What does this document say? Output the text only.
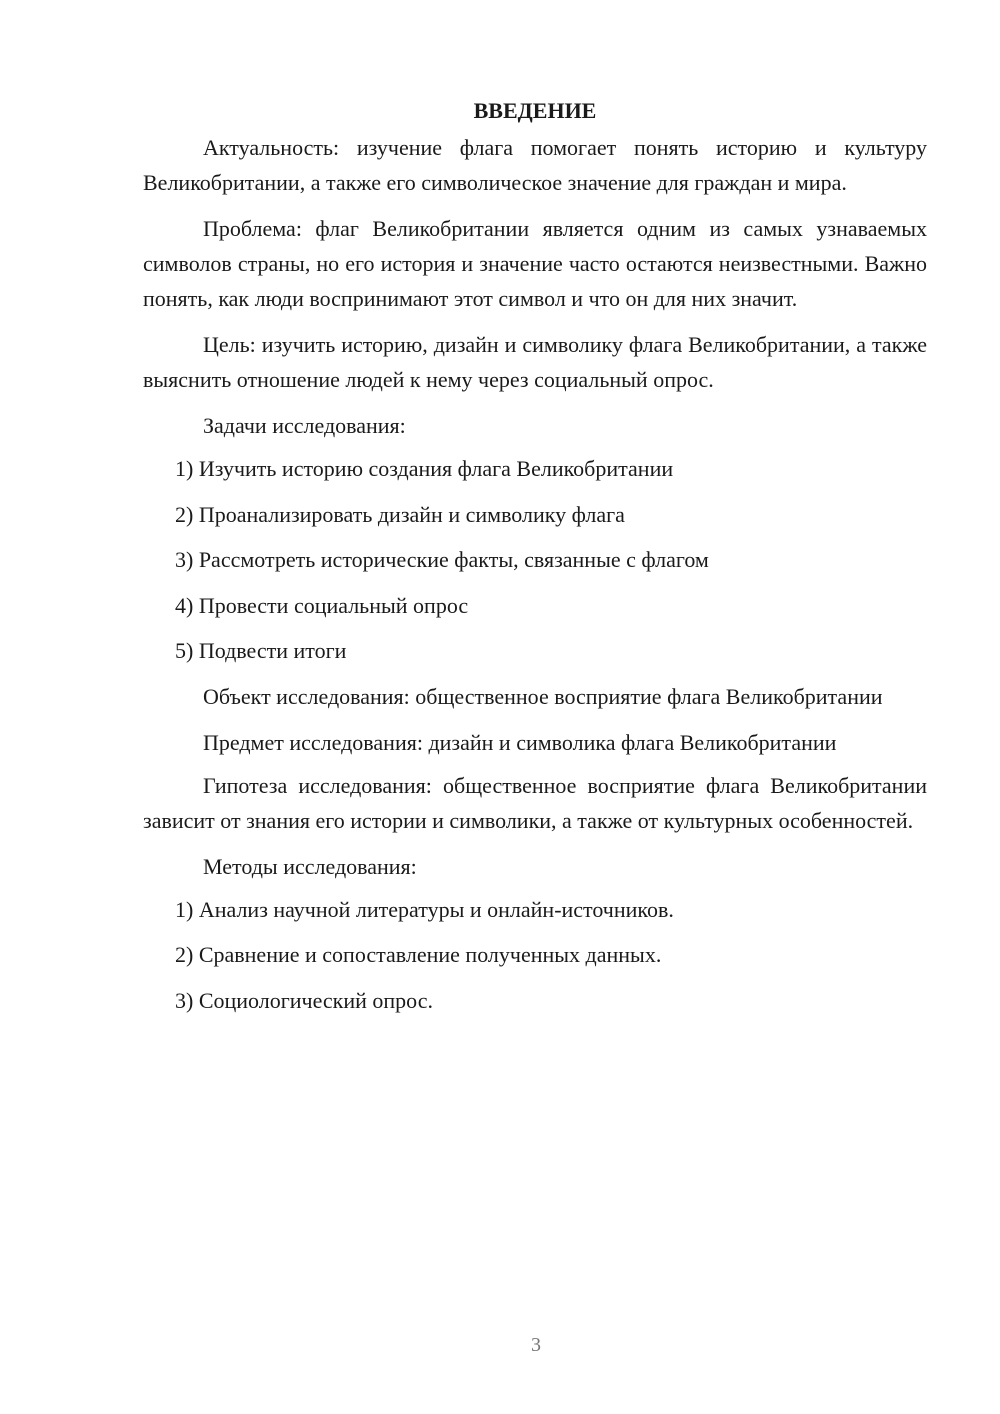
ВВЕДЕНИЕ

Актуальность: изучение флага помогает понять историю и культуру Великобритании, а также его символическое значение для граждан и мира.

Проблема: флаг Великобритании является одним из самых узнаваемых символов страны, но его история и значение часто остаются неизвестными. Важно понять, как люди воспринимают этот символ и что он для них значит.

Цель: изучить историю, дизайн и символику флага Великобритании, а также выяснить отношение людей к нему через социальный опрос.

Задачи исследования:

1) Изучить историю создания флага Великобритании
2) Проанализировать дизайн и символику флага
3) Рассмотреть исторические факты, связанные с флагом
4) Провести социальный опрос
5) Подвести итоги

Объект исследования: общественное восприятие флага Великобритании

Предмет исследования: дизайн и символика флага Великобритании

Гипотеза исследования: общественное восприятие флага Великобритании зависит от знания его истории и символики, а также от культурных особенностей.

Методы исследования:

1) Анализ научной литературы и онлайн-источников.
2) Сравнение и сопоставление полученных данных.
3) Социологический опрос.
3
